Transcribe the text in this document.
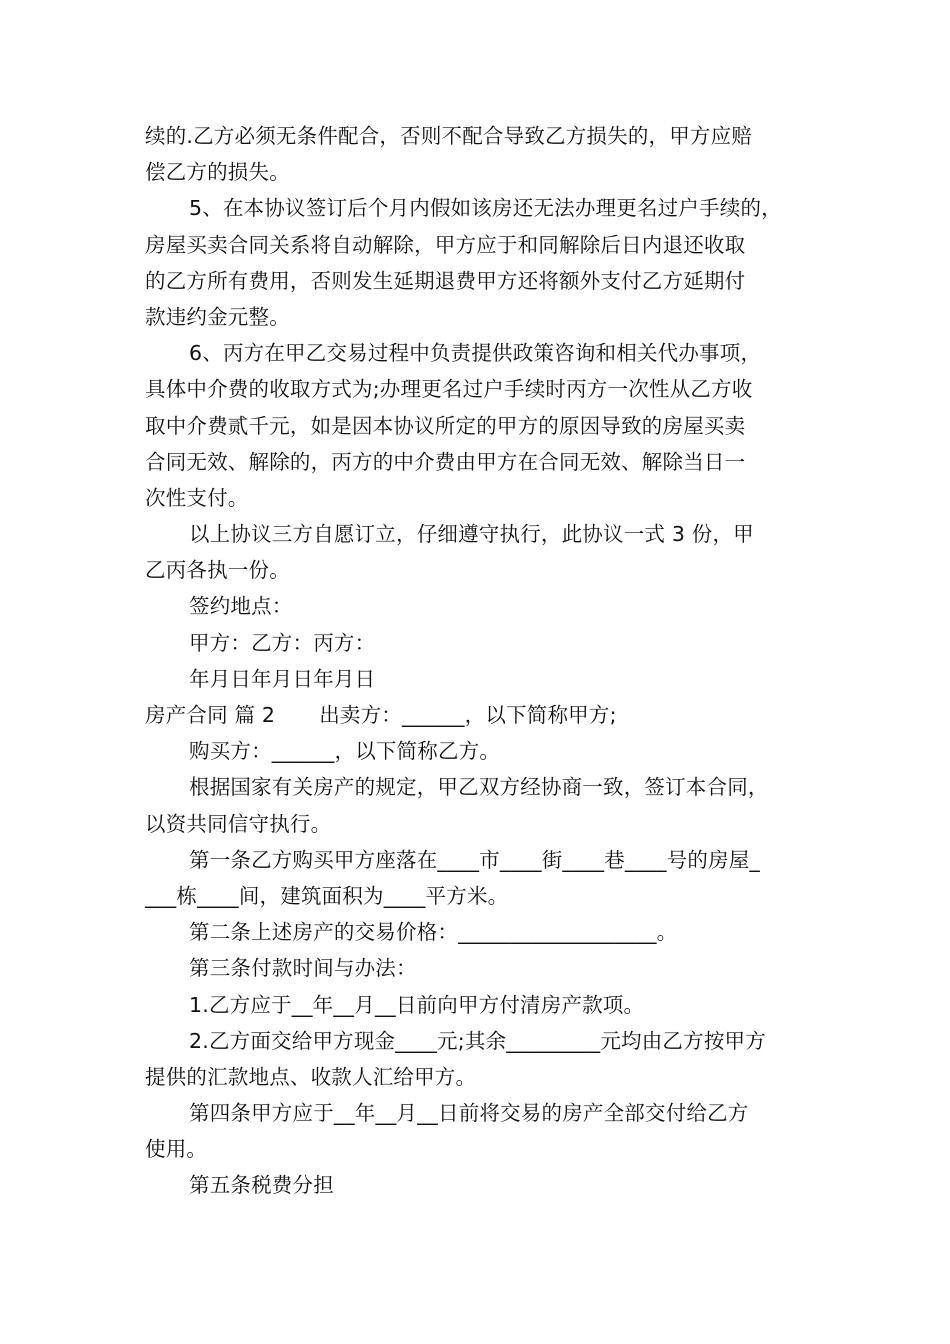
续的.乙方必须无条件配合，否则不配合导致乙方损失的，甲方应赔
偿乙方的损失。
5、在本协议签订后个月内假如该房还无法办理更名过户手续的，
房屋买卖合同关系将自动解除，甲方应于和同解除后日内退还收取
的乙方所有费用，否则发生延期退费甲方还将额外支付乙方延期付
款违约金元整。
6、丙方在甲乙交易过程中负责提供政策咨询和相关代办事项，
具体中介费的收取方式为;办理更名过户手续时丙方一次性从乙方收
取中介费贰千元，如是因本协议所定的甲方的原因导致的房屋买卖
合同无效、解除的，丙方的中介费由甲方在合同无效、解除当日一
次性支付。
以上协议三方自愿订立，仔细遵守执行，此协议一式 3 份，甲
乙丙各执一份。
签约地点：
甲方：乙方：丙方：
年月日年月日年月日
房产合同 篇 2 出卖方：______，以下简称甲方;
购买方：______，以下简称乙方。
根据国家有关房产的规定，甲乙双方经协商一致，签订本合同，
以资共同信守执行。
第一条乙方购买甲方座落在____市____街____巷____号的房屋_
___栋____间，建筑面积为____平方米。
第二条上述房产的交易价格：___________________。
第三条付款时间与办法：
1.乙方应于__年__月__日前向甲方付清房产款项。
2.乙方面交给甲方现金____元;其余_________元均由乙方按甲方
提供的汇款地点、收款人汇给甲方。
第四条甲方应于__年__月__日前将交易的房产全部交付给乙方
使用。
第五条税费分担
